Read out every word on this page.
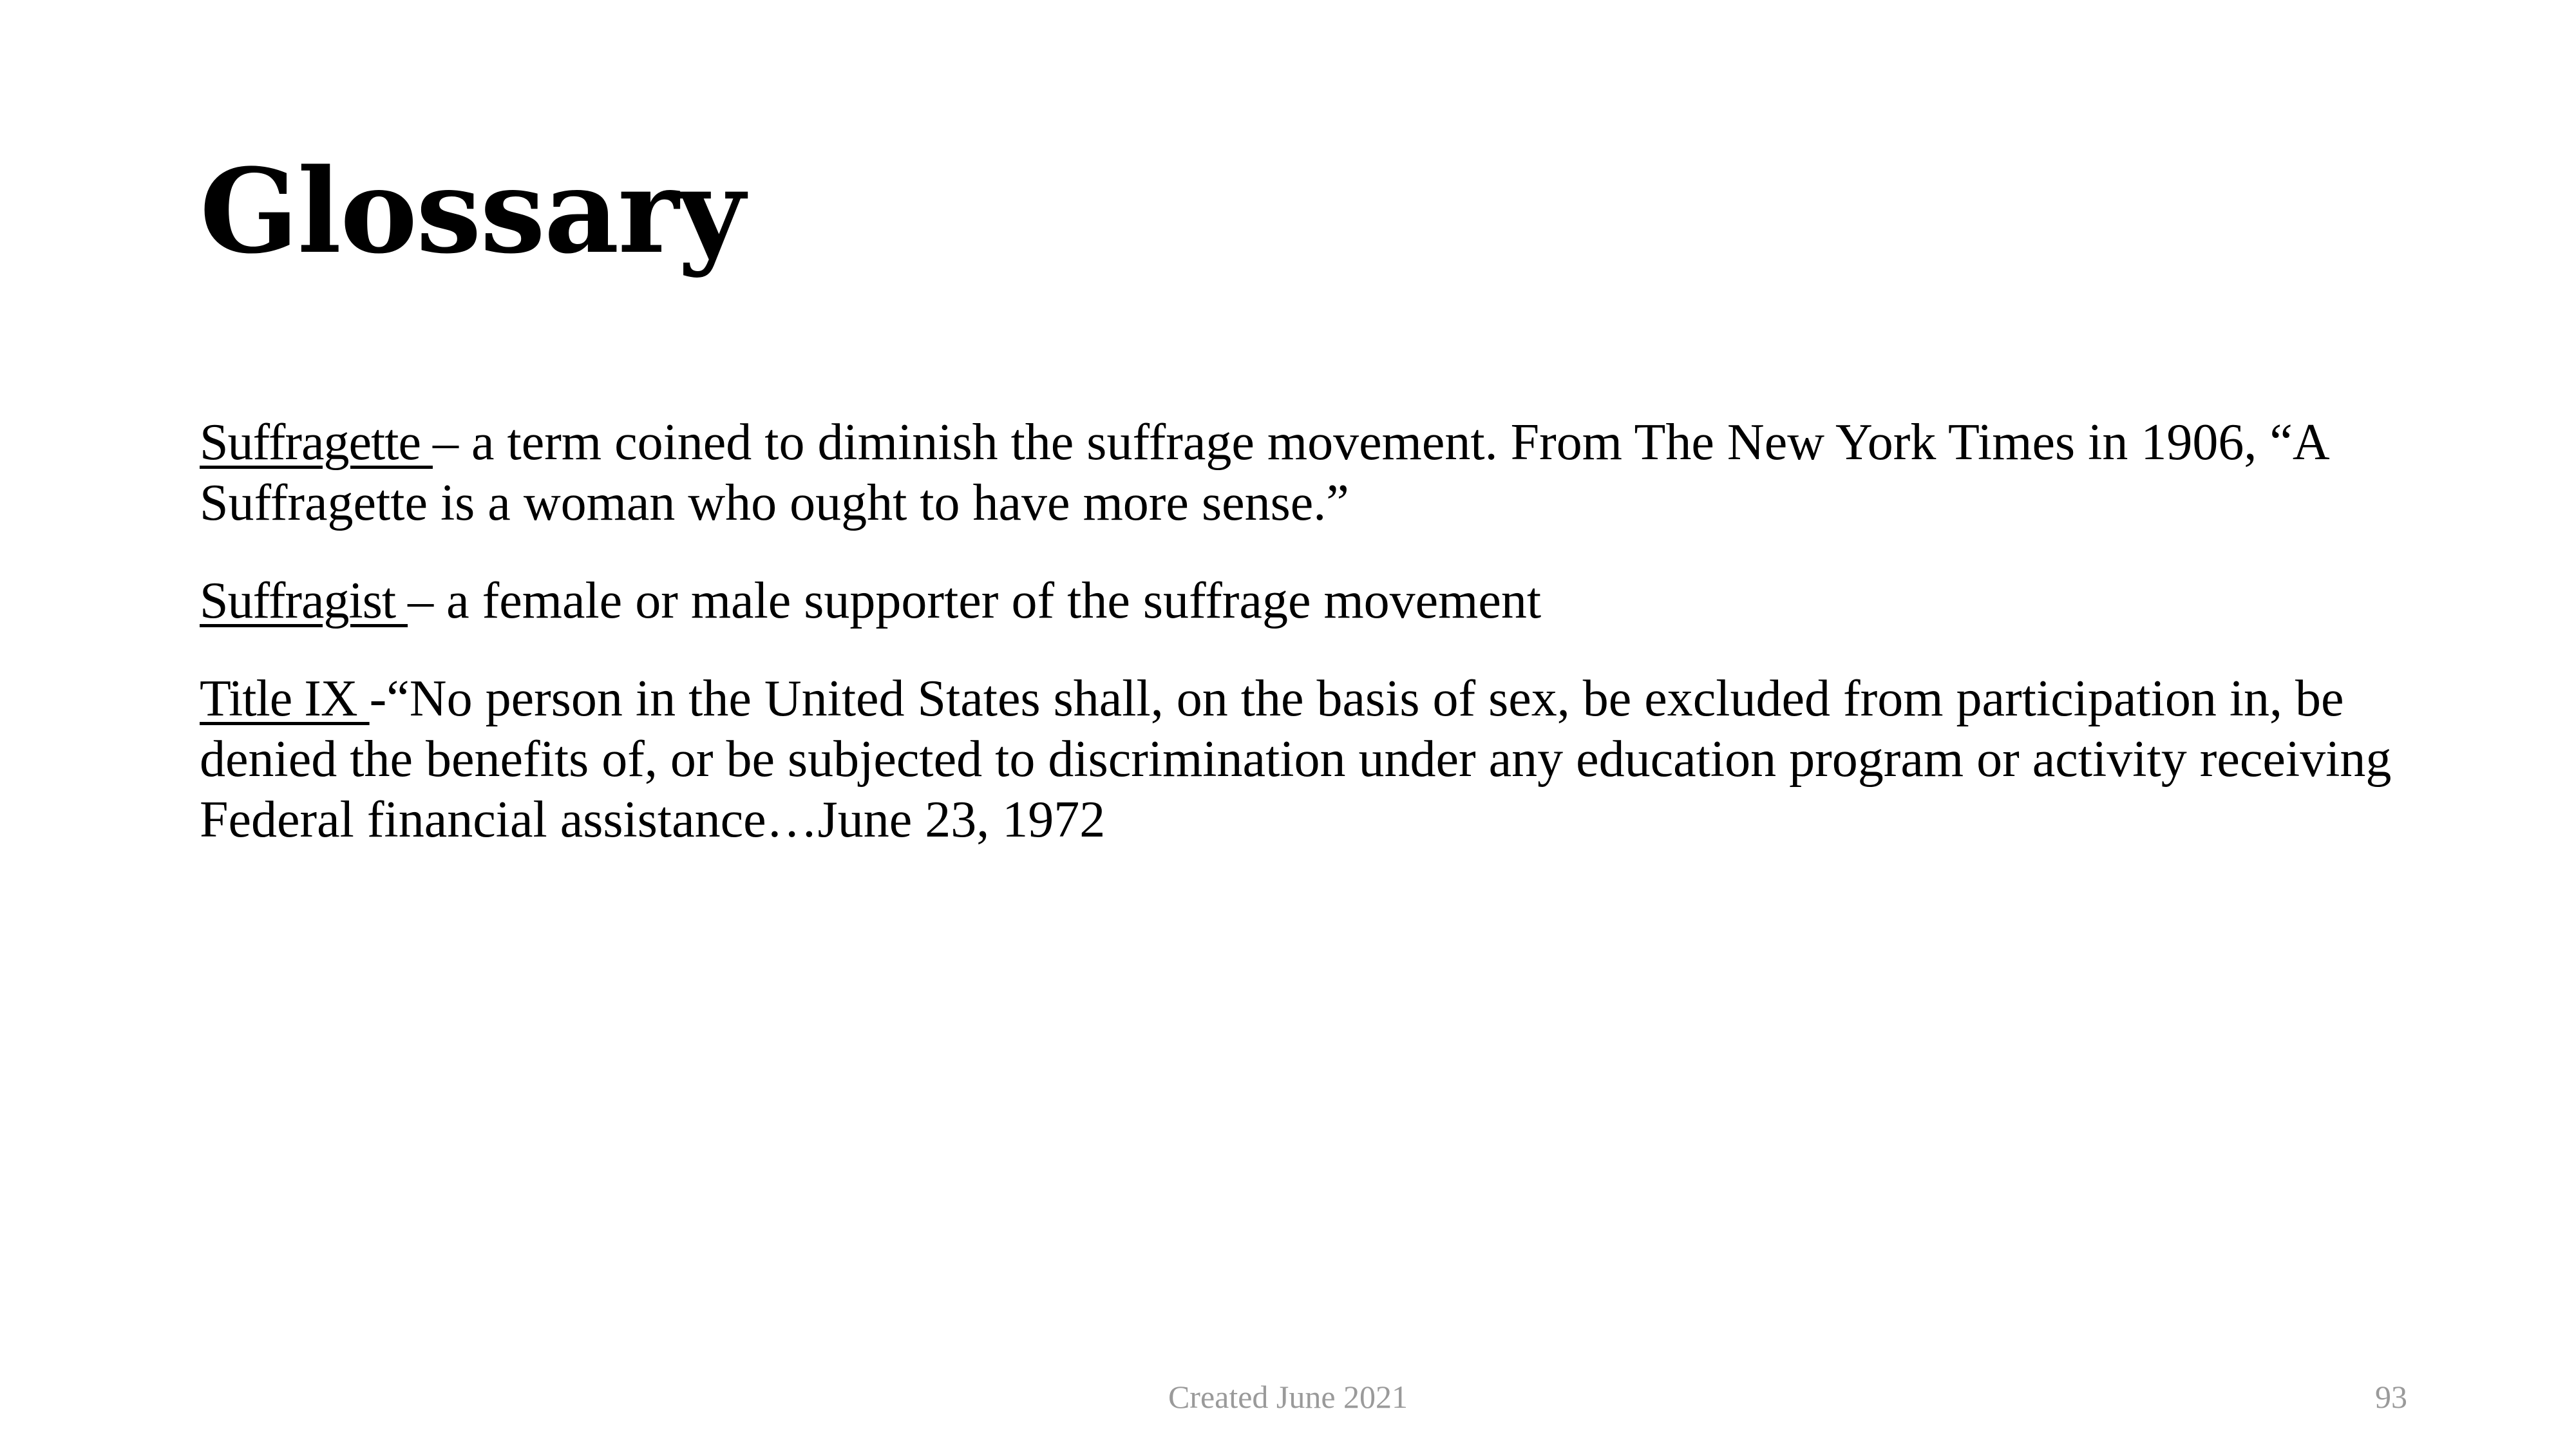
Glossary

Suffragette – a term coined to diminish the suffrage movement. From The New York Times in 1906, “A Suffragette is a woman who ought to have more sense.”

Suffragist – a female or male supporter of the suffrage movement

Title IX -“No person in the United States shall, on the basis of sex, be excluded from participation in, be denied the benefits of, or be subjected to discrimination under any education program or activity receiving Federal financial assistance…June 23, 1972

Created June 2021	93
